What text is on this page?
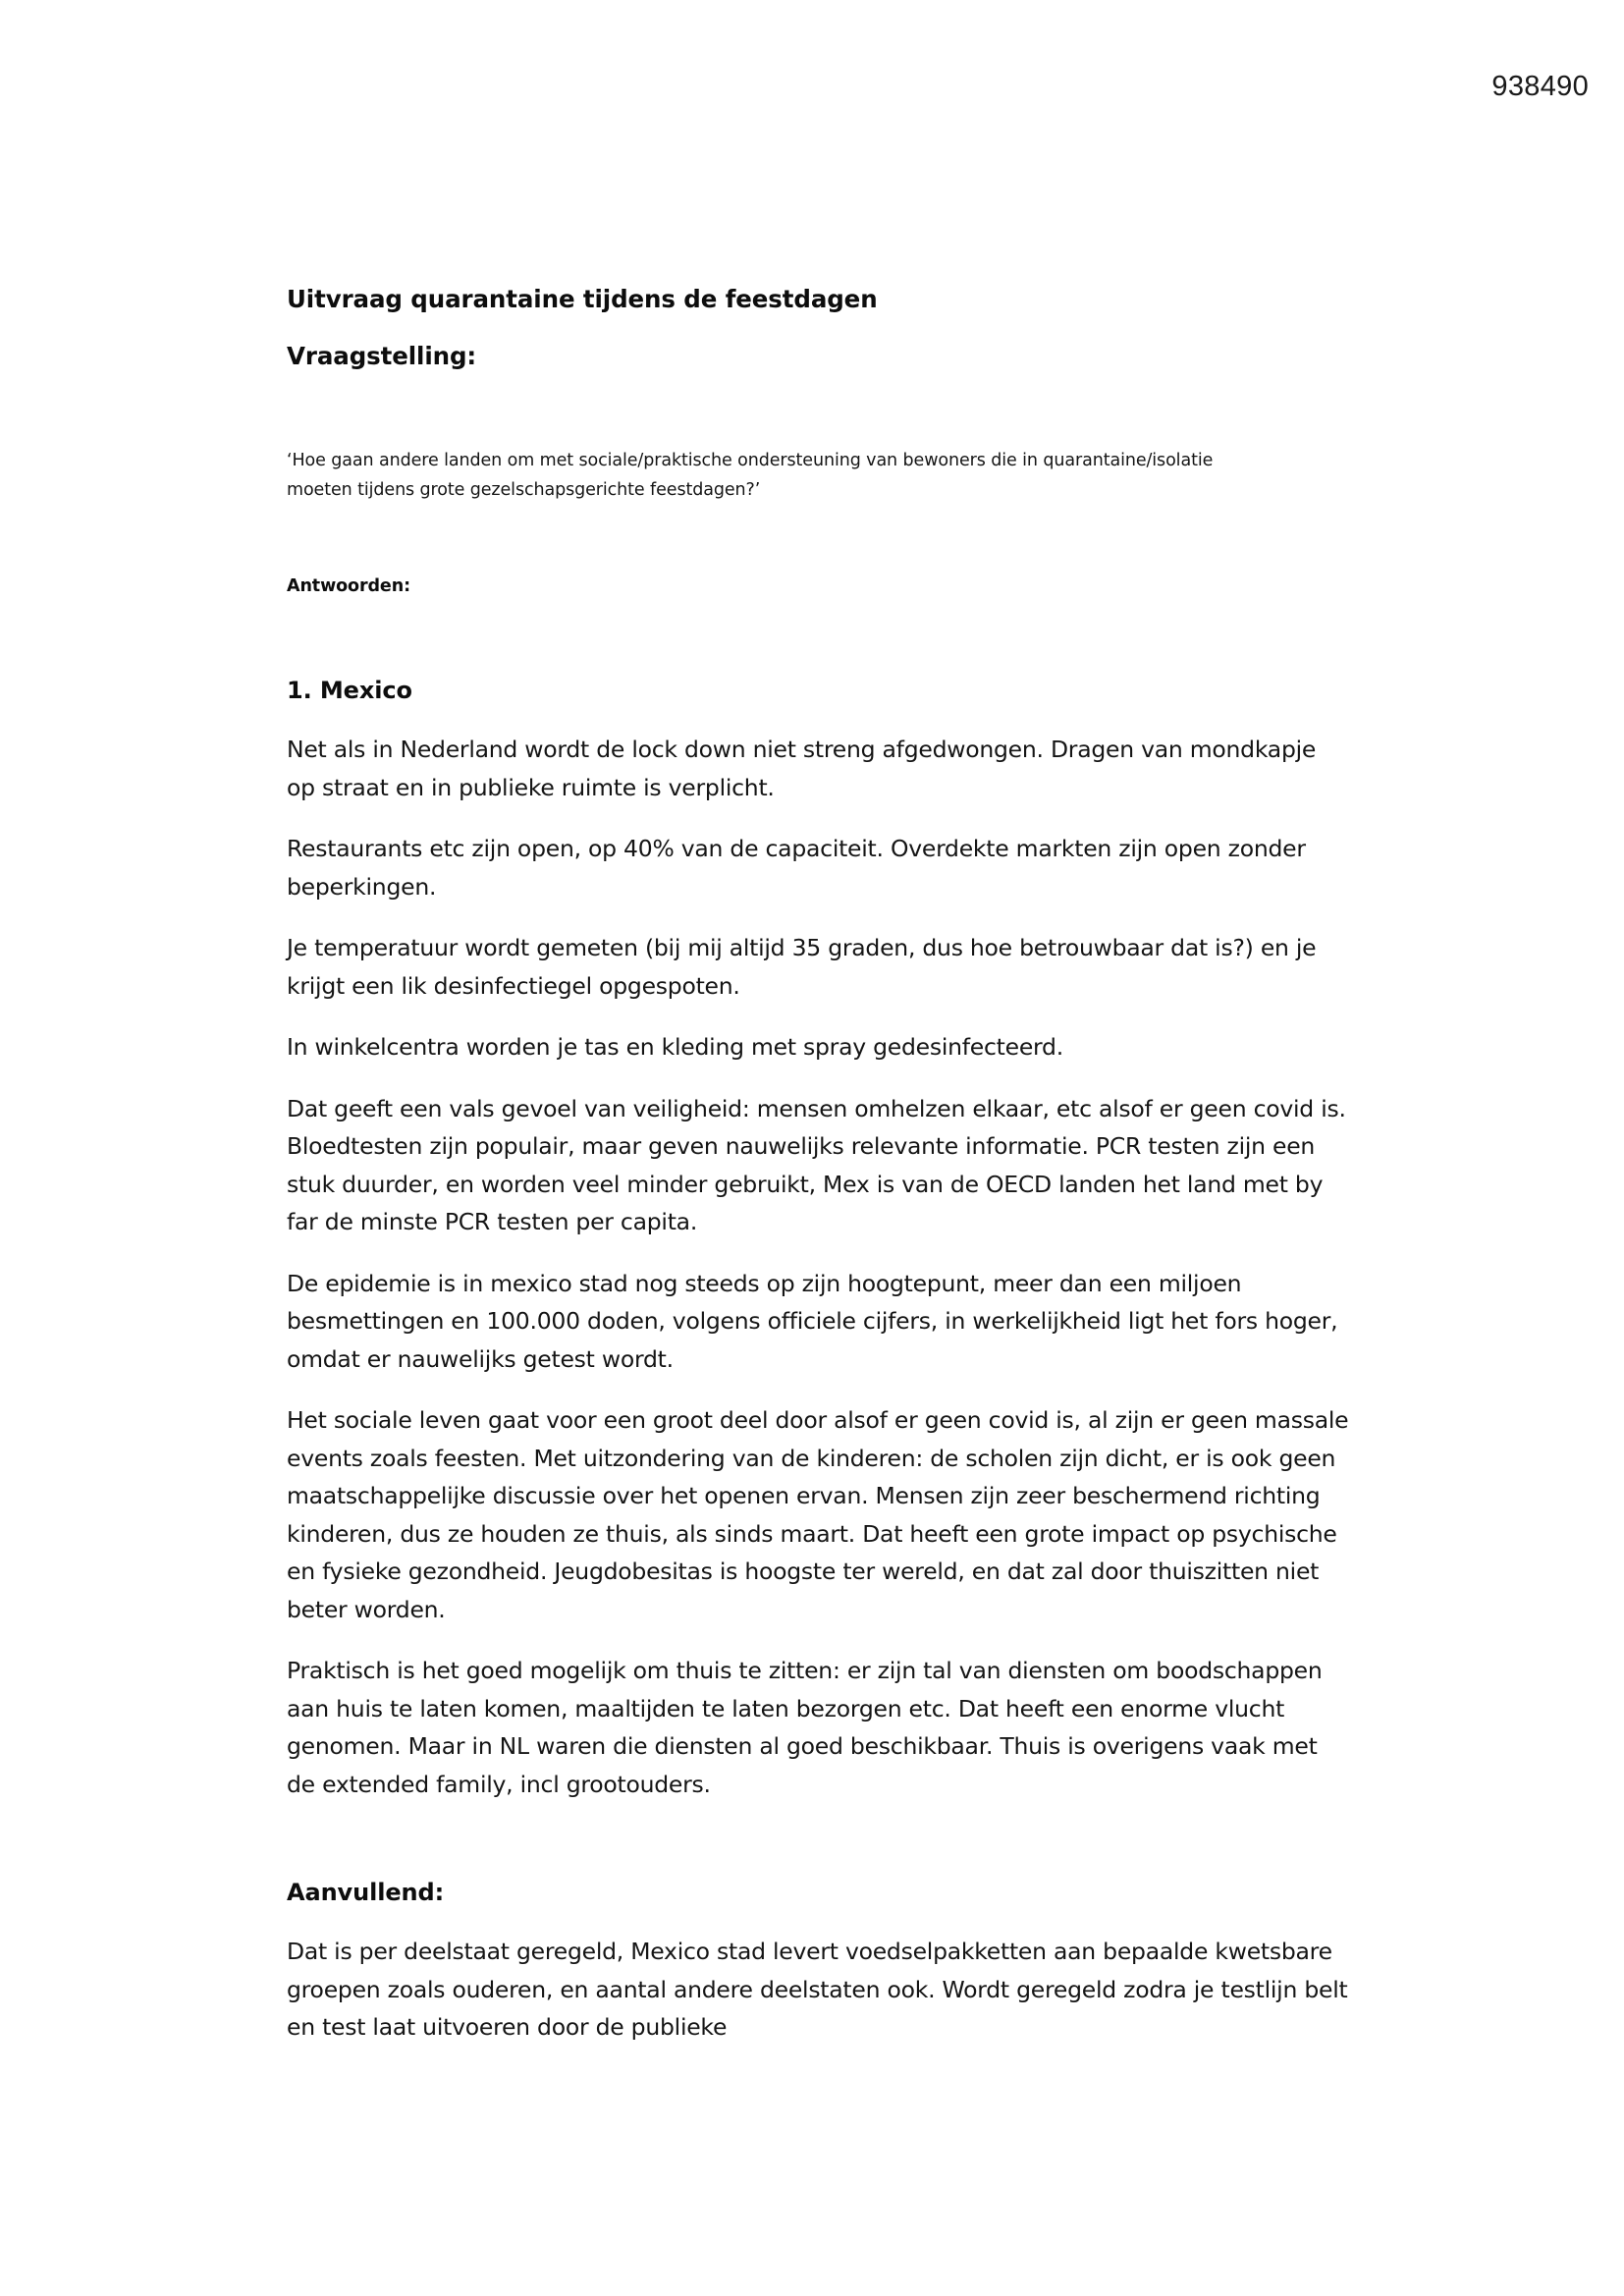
938490
Uitvraag quarantaine tijdens de feestdagen
Vraagstelling:
‘Hoe gaan andere landen om met sociale/praktische ondersteuning van bewoners die in quarantaine/isolatie moeten tijdens grote gezelschapsgerichte feestdagen?’
Antwoorden:
1. Mexico
Net als in Nederland wordt de lock down niet streng afgedwongen. Dragen van mondkapje op straat en in publieke ruimte is verplicht.
Restaurants etc zijn open, op 40% van de capaciteit. Overdekte markten zijn open zonder beperkingen.
Je temperatuur wordt gemeten (bij mij altijd 35 graden, dus hoe betrouwbaar dat is?) en je krijgt een lik desinfectiegel opgespoten.
In winkelcentra worden je tas en kleding met spray gedesinfecteerd.
Dat geeft een vals gevoel van veiligheid: mensen omhelzen elkaar, etc alsof er geen covid is. Bloedtesten zijn populair, maar geven nauwelijks relevante informatie. PCR testen zijn een stuk duurder, en worden veel minder gebruikt, Mex is van de OECD landen het land met by far de minste PCR testen per capita.
De epidemie is in mexico stad nog steeds op zijn hoogtepunt, meer dan een miljoen besmettingen en 100.000 doden, volgens officiele cijfers, in werkelijkheid ligt het fors hoger, omdat er nauwelijks getest wordt.
Het sociale leven gaat voor een groot deel door alsof er geen covid is, al zijn er geen massale events zoals feesten. Met uitzondering van de kinderen: de scholen zijn dicht, er is ook geen maatschappelijke discussie over het openen ervan. Mensen zijn zeer beschermend richting kinderen, dus ze houden ze thuis, als sinds maart. Dat heeft een grote impact op psychische en fysieke gezondheid. Jeugdobesitas is hoogste ter wereld, en dat zal door thuiszitten niet beter worden.
Praktisch is het goed mogelijk om thuis te zitten: er zijn tal van diensten om boodschappen aan huis te laten komen, maaltijden te laten bezorgen etc. Dat heeft een enorme vlucht genomen. Maar in NL waren die diensten al goed beschikbaar. Thuis is overigens vaak met de extended family, incl grootouders.
Aanvullend:
Dat is per deelstaat geregeld, Mexico stad levert voedselpakketten aan bepaalde kwetsbare groepen zoals ouderen, en aantal andere deelstaten ook. Wordt geregeld zodra je testlijn belt en test laat uitvoeren door de publieke
